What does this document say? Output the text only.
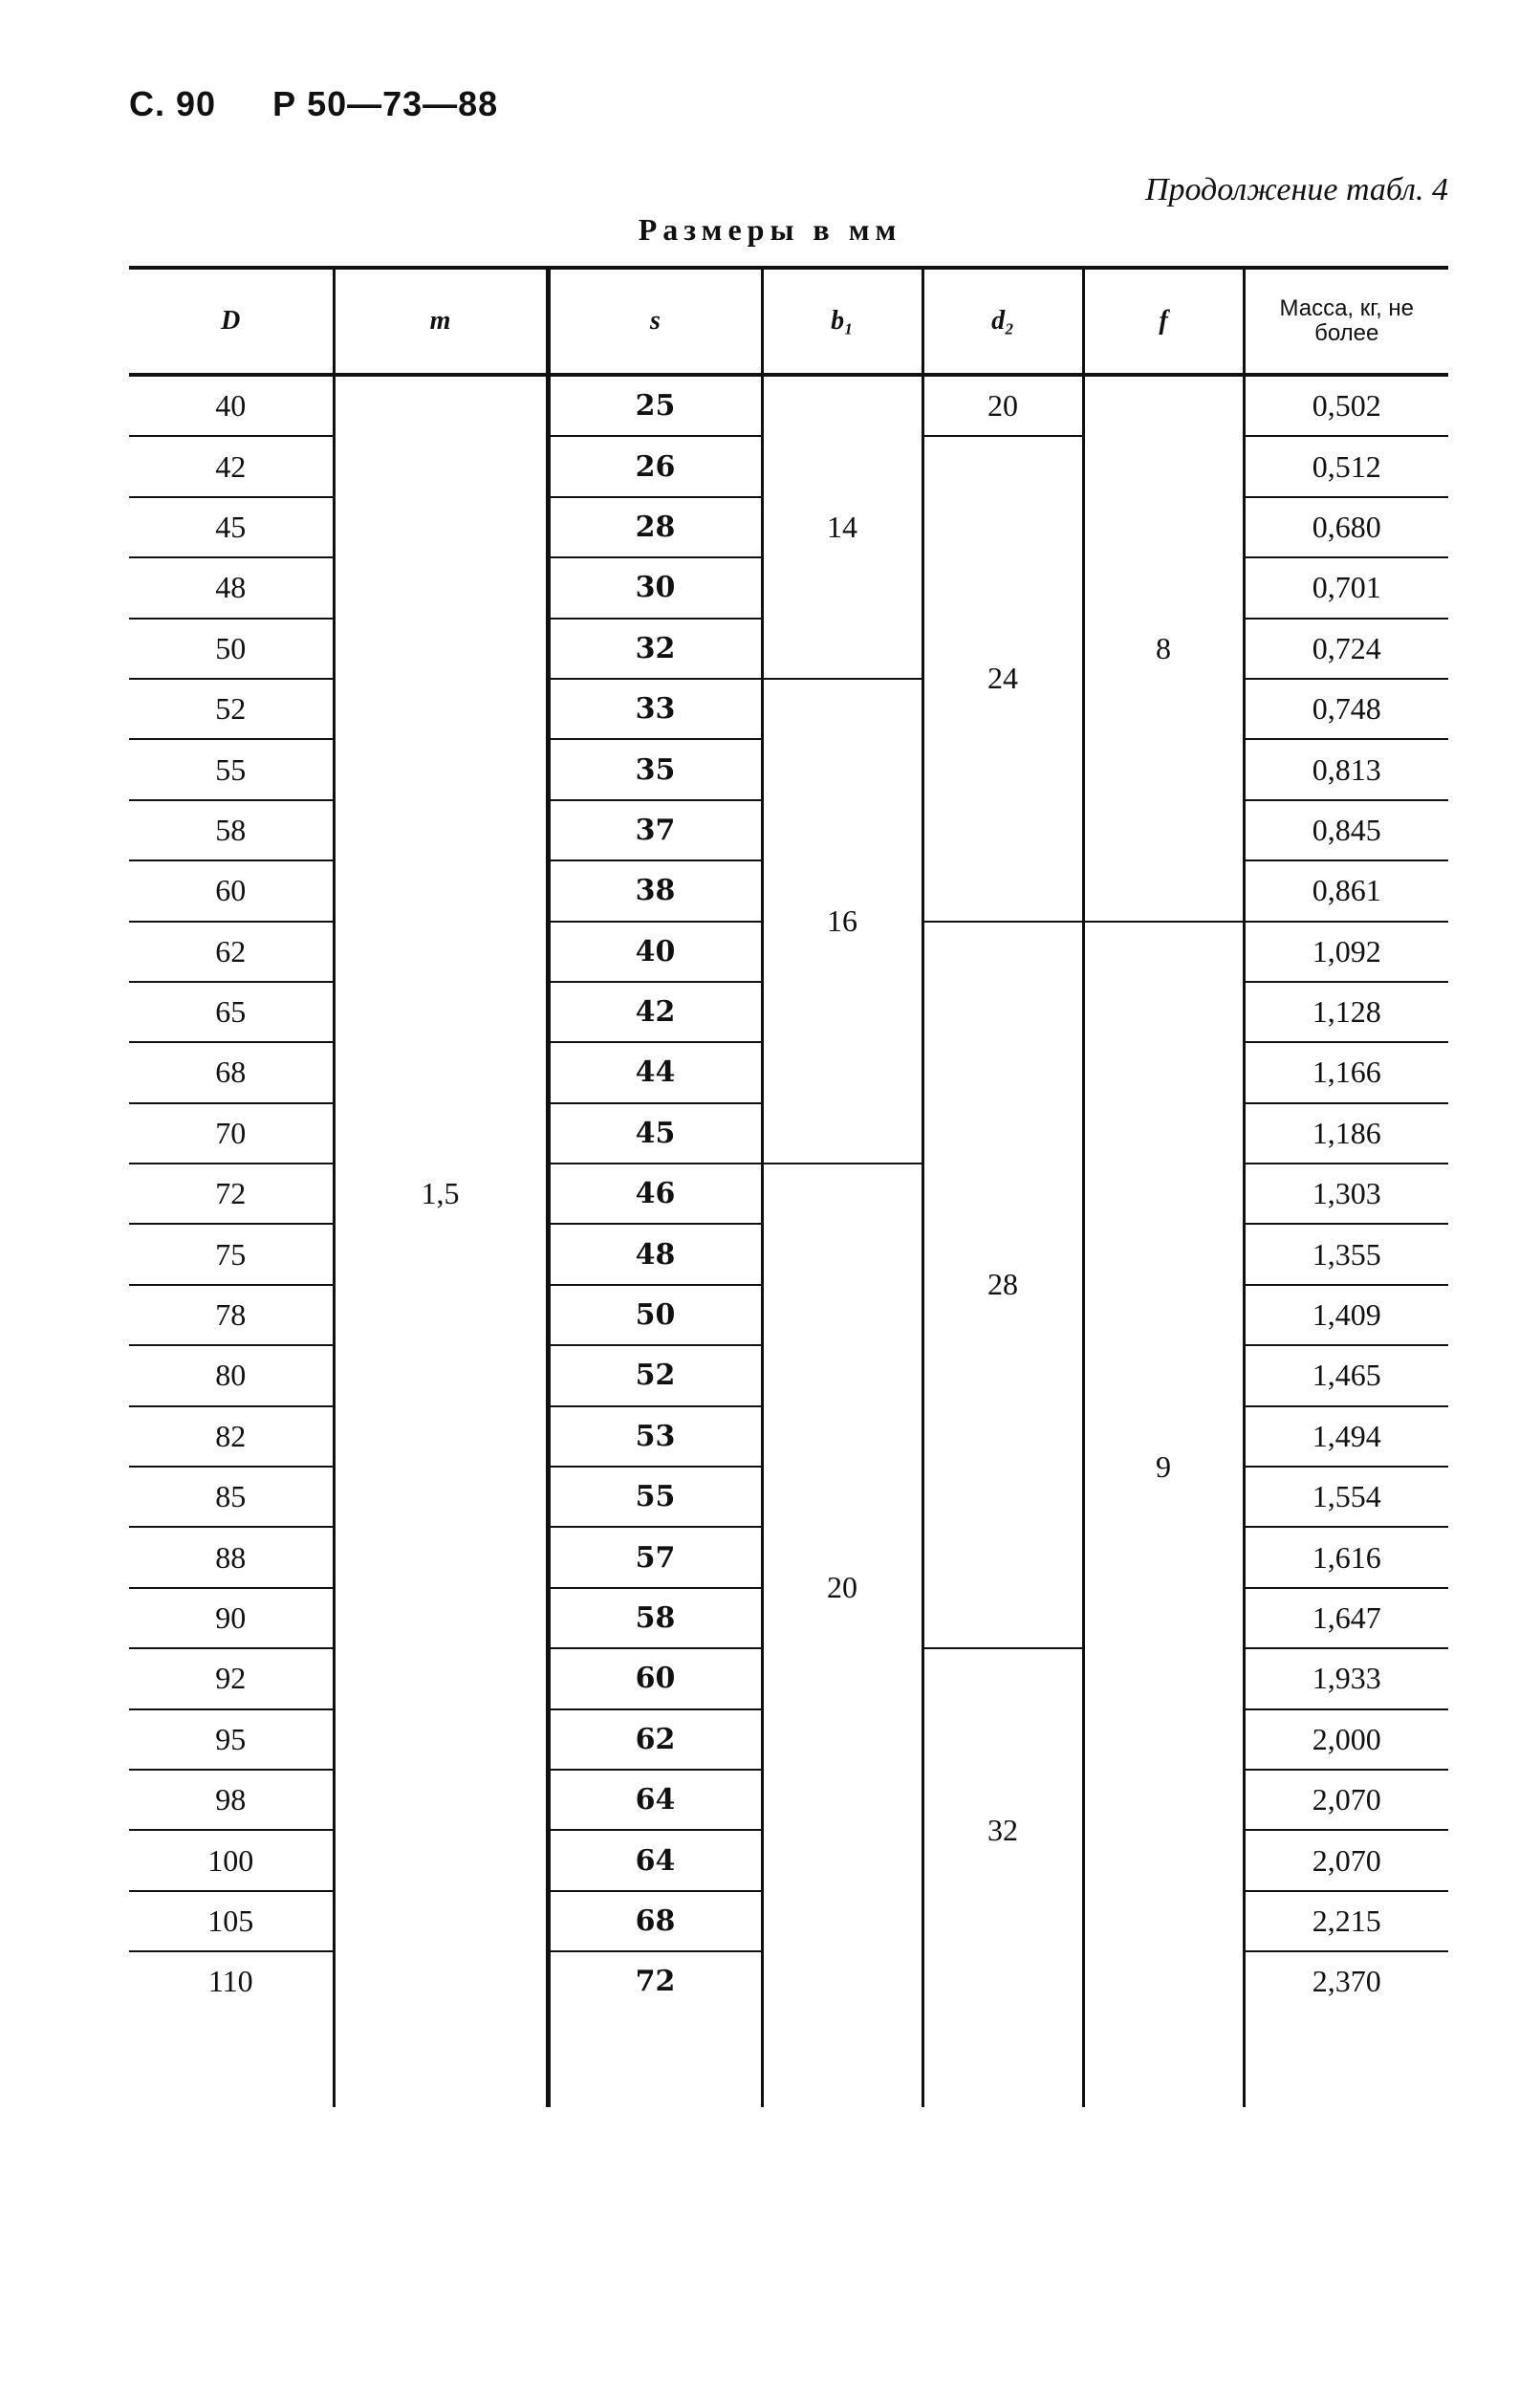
С. 90 Р 50—73—88
Продолжение табл. 4
Размеры в мм
D	m	s	b₁	d₂	f	Масса, кг, не более
40	1,5	25	14	20	8	0,502
42		26		24		0,512
45		28				0,680
48		30				0,701
50		32				0,724
52		33	16			0,748
55		35				0,813
58		37				0,845
60		38				0,861
62		40		28	9	1,092
65		42				1,128
68		44				1,166
70		45				1,186
72		46	20			1,303
75		48				1,355
78		50				1,409
80		52				1,465
82		53				1,494
85		55				1,554
88		57				1,616
90		58				1,647
92		60		32		1,933
95		62				2,000
98		64				2,070
100		64				2,070
105		68				2,215
110		72				2,370
